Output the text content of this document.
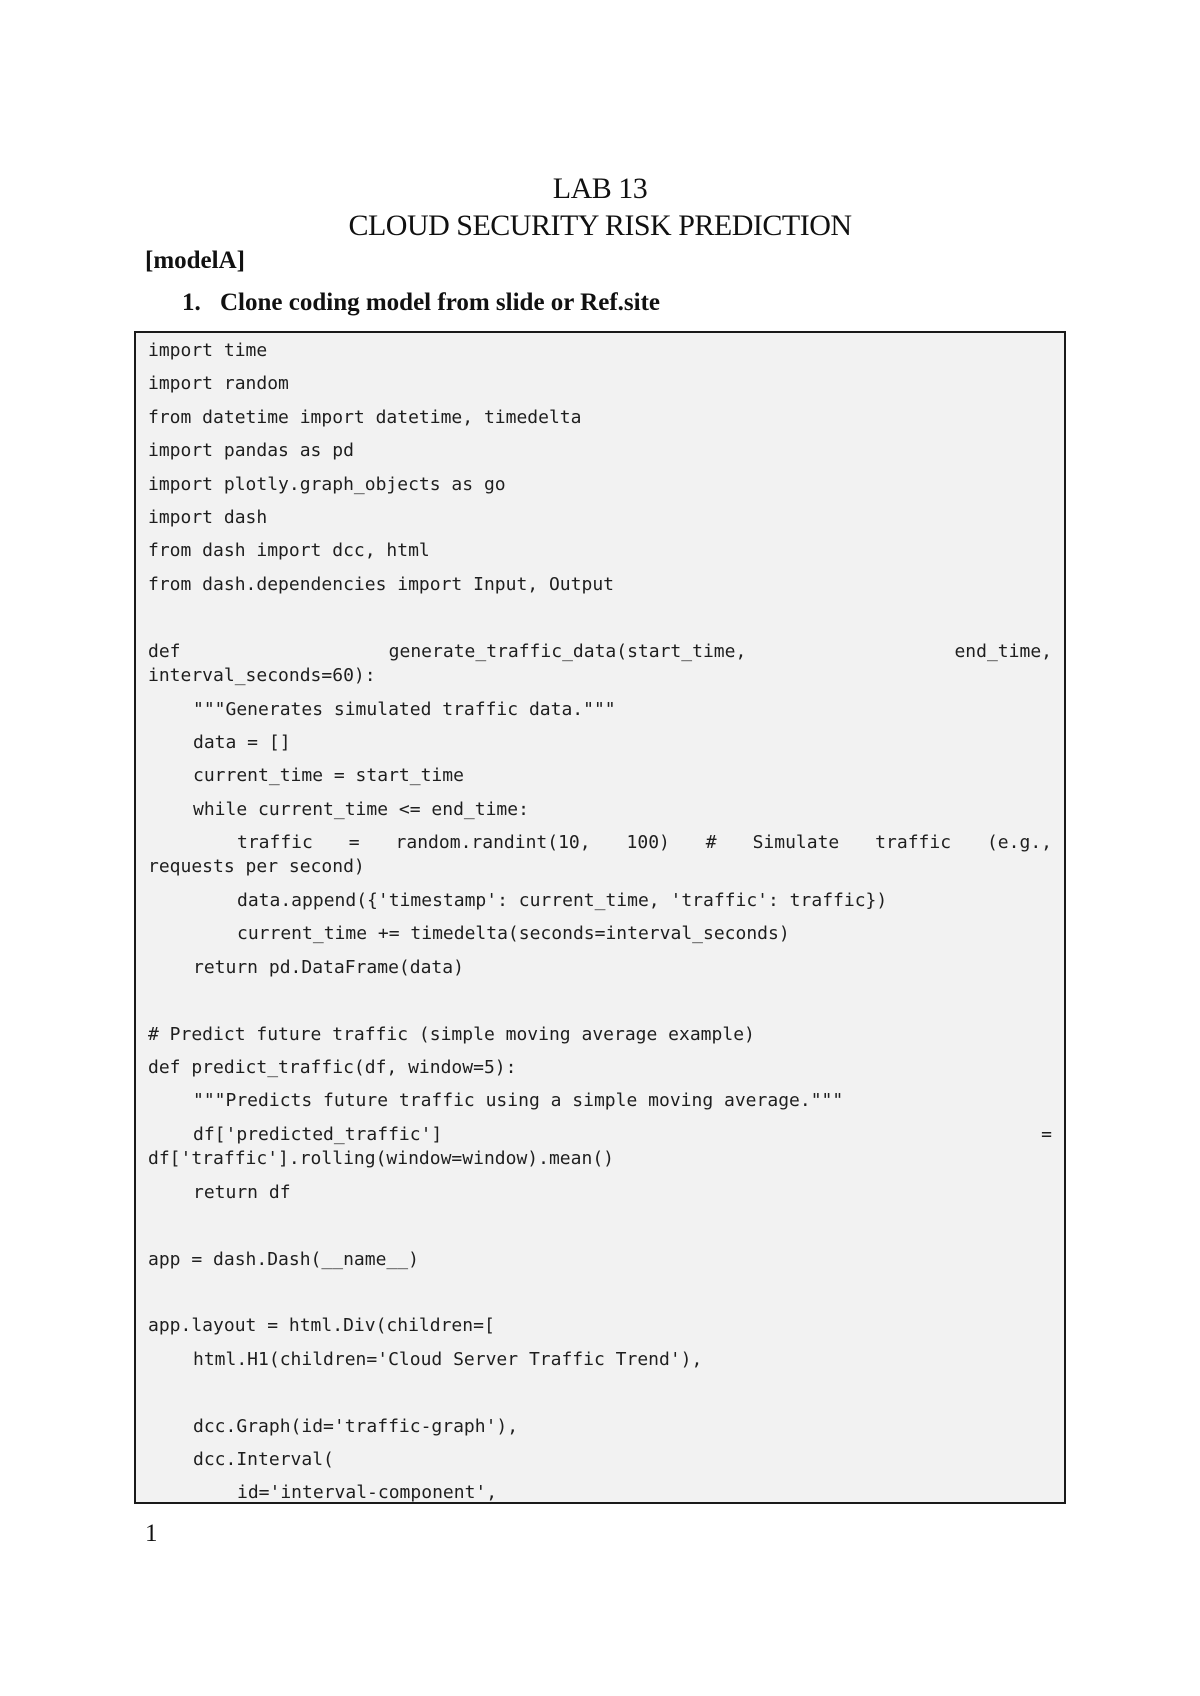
LAB 13
CLOUD SECURITY RISK PREDICTION
[modelA]
1. Clone coding model from slide or Ref.site
import time
import random
from datetime import datetime, timedelta
import pandas as pd
import plotly.graph_objects as go
import dash
from dash import dcc, html
from dash.dependencies import Input, Output
def generate_traffic_data(start_time, end_time,
interval_seconds=60):
"""Generates simulated traffic data."""
data = []
current_time = start_time
while current_time <= end_time:
traffic = random.randint(10, 100) # Simulate traffic (e.g.,
requests per second)
data.append({'timestamp': current_time, 'traffic': traffic})
current_time += timedelta(seconds=interval_seconds)
return pd.DataFrame(data)
# Predict future traffic (simple moving average example)
def predict_traffic(df, window=5):
"""Predicts future traffic using a simple moving average."""
df['predicted_traffic'] =
df['traffic'].rolling(window=window).mean()
return df
app = dash.Dash(__name__)
app.layout = html.Div(children=[
html.H1(children='Cloud Server Traffic Trend'),
dcc.Graph(id='traffic-graph'),
dcc.Interval(
id='interval-component',
1
